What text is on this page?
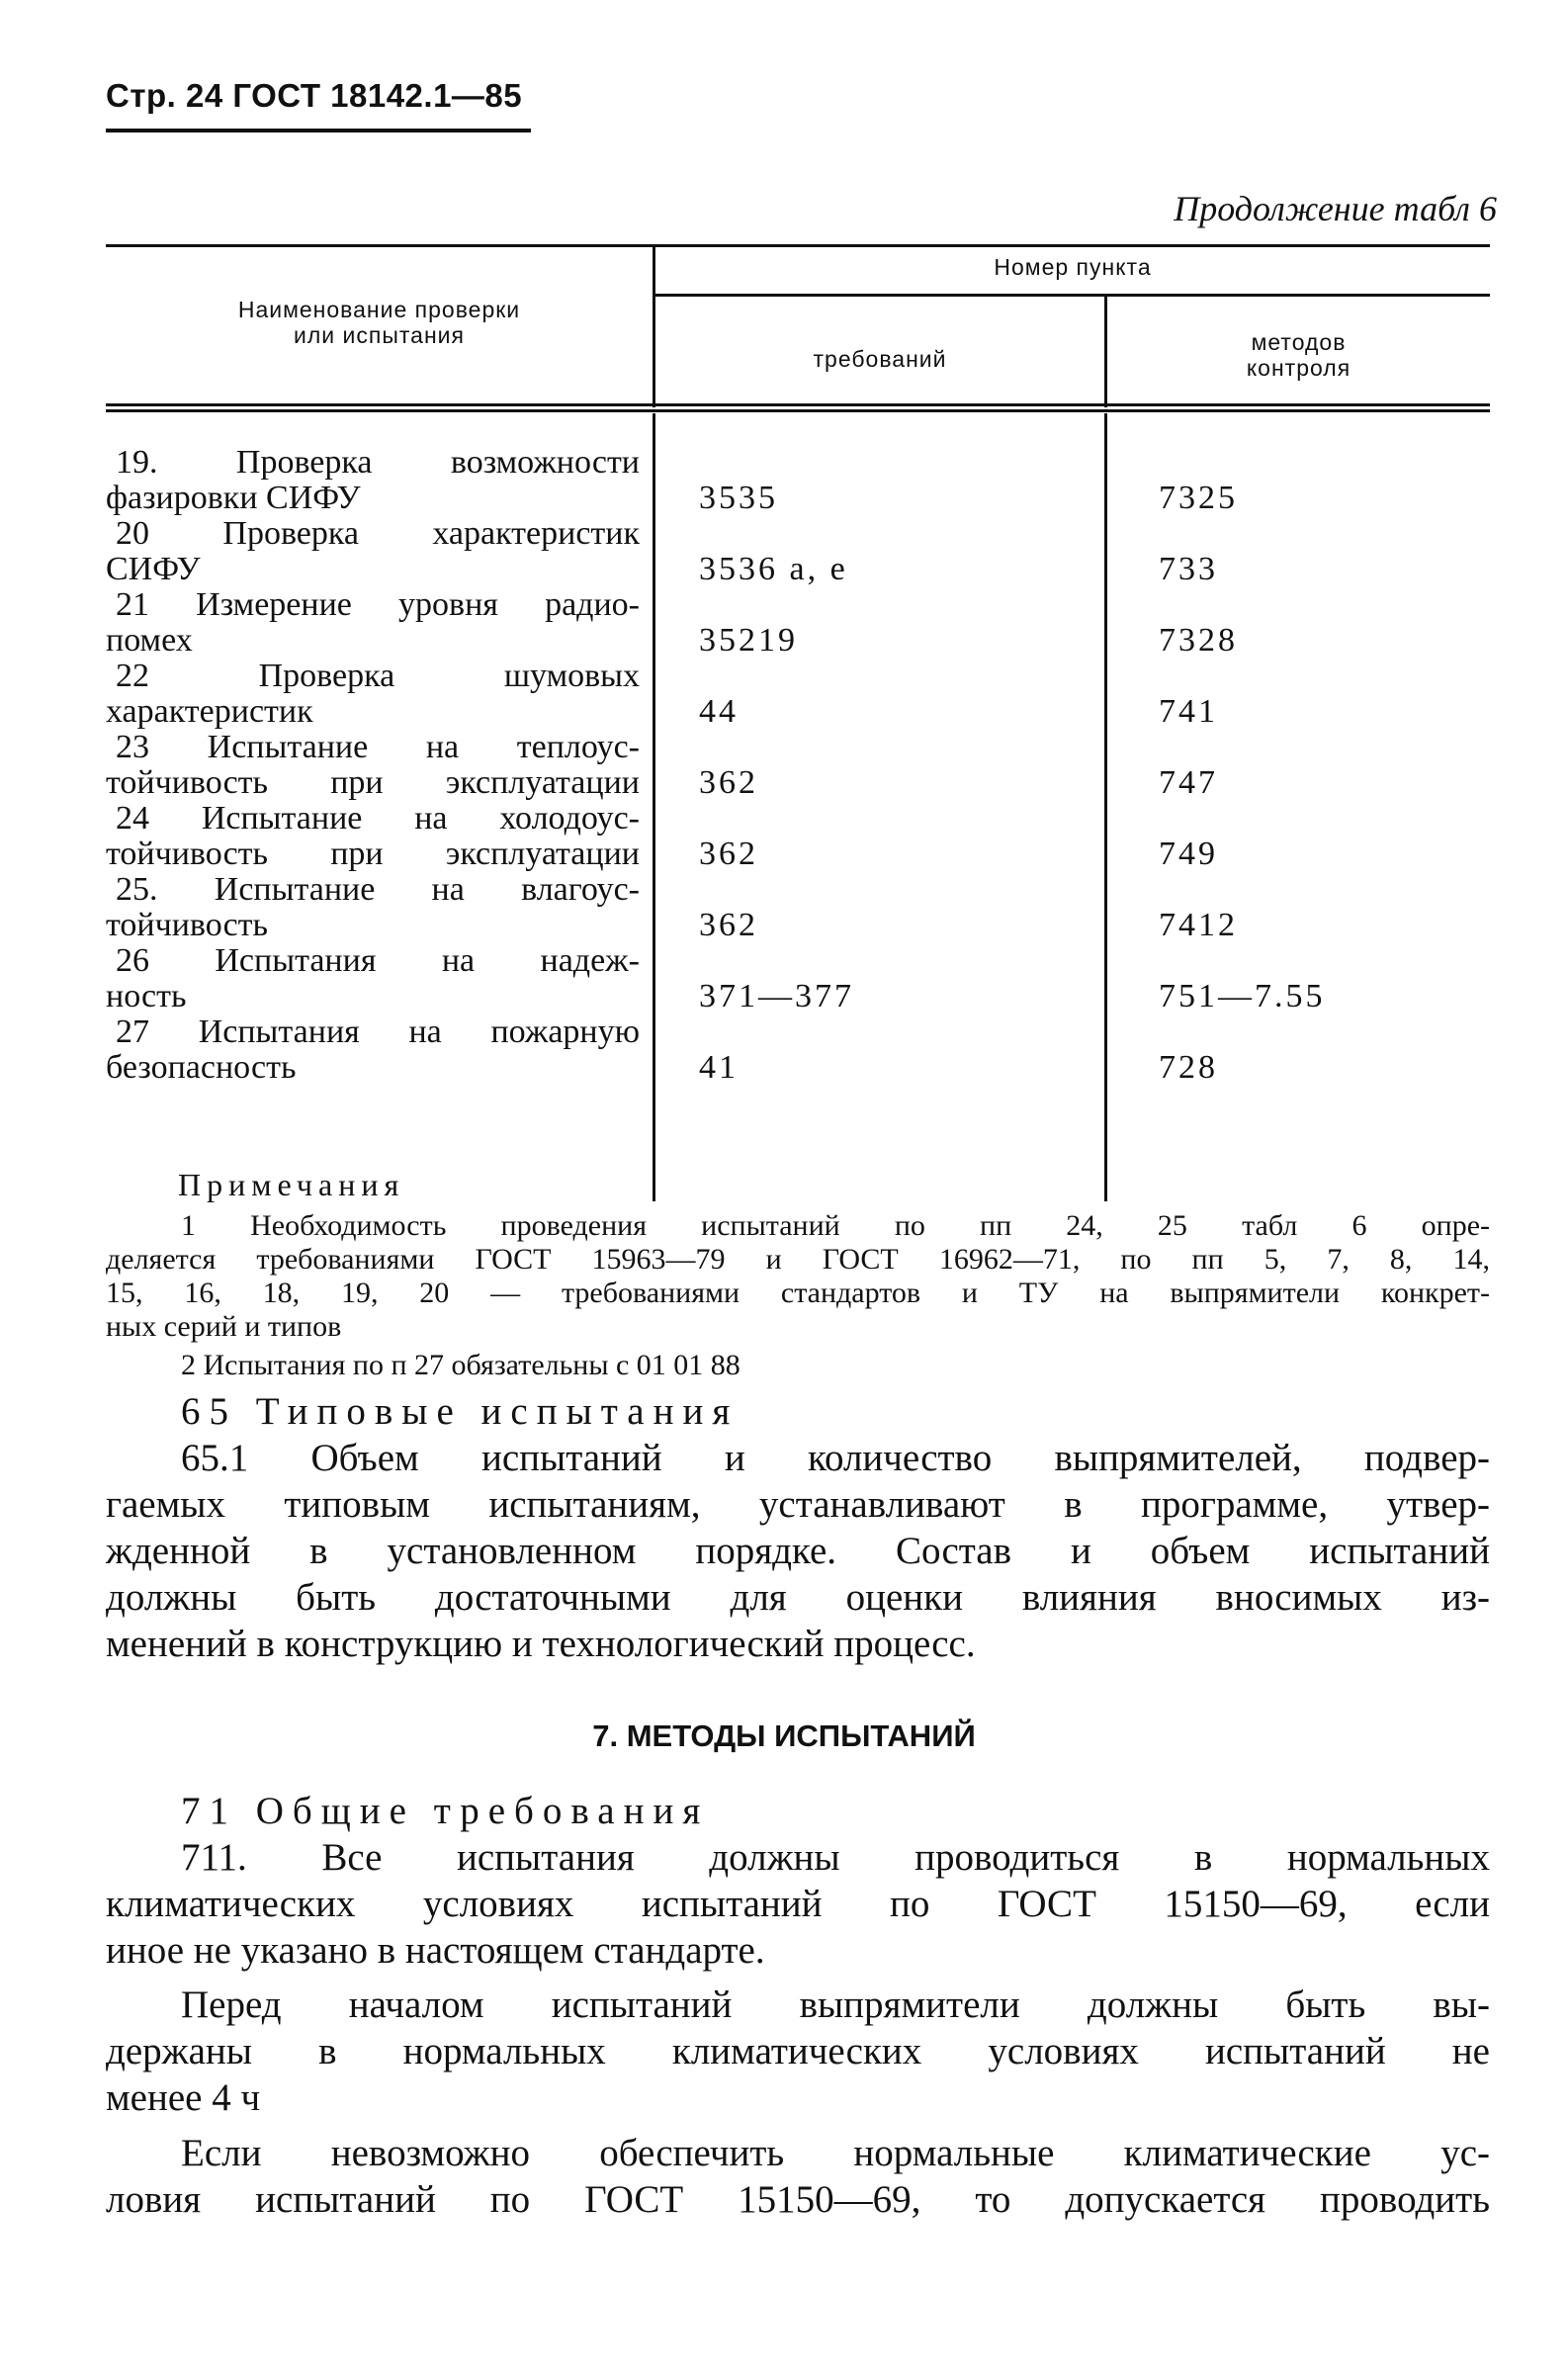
Стр. 24 ГОСТ 18142.1—85
Продолжение табл 6
Наименование проверки
или испытания
Номер пункта
требований
методов
контроля
19. Проверка возможности
фазировки СИФУ	3535	7325
20 Проверка характеристик
СИФУ	3536 а, е	733
21 Измерение уровня радио-
помех	35219	7328
22 Проверка шумовых
характеристик	44	741
23 Испытание на теплоус-
тойчивость при эксплуатации 362	747
24 Испытание на холодоус-
тойчивость при эксплуатации 362	749
25. Испытание на влагоус-
тойчивость	362	7412
26 Испытания на надеж-
ность	371—377	751—7.55
27 Испытания на пожарную
безопасность	41	728
Примечания

1 Необходимость проведения испытаний по пп 24, 25 табл 6 опре-

деляется требованиями ГОСТ 15963—79 и ГОСТ 16962—71, по пп 5, 7, 8, 14,

15, 16, 18, 19, 20 — требованиями стандартов и ТУ на выпрямители конкрет-

ных серий и типов

2 Испытания по п 27 обязательны с 01 01 88

65 Типовые испытания

65.1 Объем испытаний и количество выпрямителей, подвер-

гаемых типовым испытаниям, устанавливают в программе, утвер-

жденной в установленном порядке. Состав и объем испытаний

должны быть достаточными для оценки влияния вносимых из-

менений в конструкцию и технологический процесс.

7. МЕТОДЫ ИСПЫТАНИЙ

71 Общие требования

711. Все испытания должны проводиться в нормальных

климатических условиях испытаний по ГОСТ 15150—69, если

иное не указано в настоящем стандарте.

Перед началом испытаний выпрямители должны быть вы-

держаны в нормальных климатических условиях испытаний не

менее 4 ч

Если невозможно обеспечить нормальные климатические ус-

ловия испытаний по ГОСТ 15150—69, то допускается проводить
